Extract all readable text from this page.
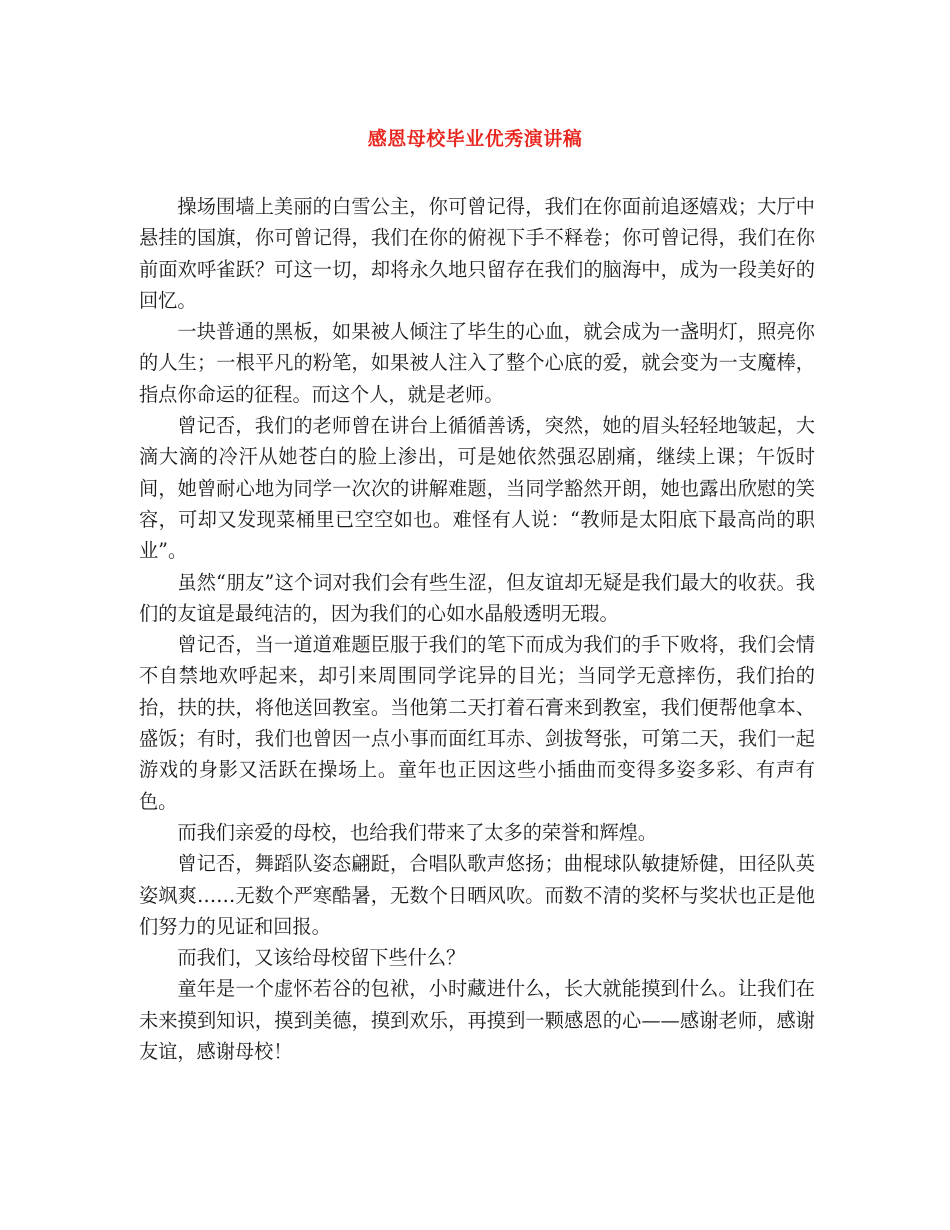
感恩母校毕业优秀演讲稿

操场围墙上美丽的白雪公主，你可曾记得，我们在你面前追逐嬉戏；大厅中悬挂的国旗，你可曾记得，我们在你的俯视下手不释卷；你可曾记得，我们在你前面欢呼雀跃？可这一切，却将永久地只留存在我们的脑海中，成为一段美好的回忆。

一块普通的黑板，如果被人倾注了毕生的心血，就会成为一盏明灯，照亮你的人生；一根平凡的粉笔，如果被人注入了整个心底的爱，就会变为一支魔棒，指点你命运的征程。而这个人，就是老师。

曾记否，我们的老师曾在讲台上循循善诱，突然，她的眉头轻轻地皱起，大滴大滴的冷汗从她苍白的脸上渗出，可是她依然强忍剧痛，继续上课；午饭时间，她曾耐心地为同学一次次的讲解难题，当同学豁然开朗，她也露出欣慰的笑容，可却又发现菜桶里已空空如也。难怪有人说：“教师是太阳底下最高尚的职业”。

虽然“朋友”这个词对我们会有些生涩，但友谊却无疑是我们最大的收获。我们的友谊是最纯洁的，因为我们的心如水晶般透明无瑕。

曾记否，当一道道难题臣服于我们的笔下而成为我们的手下败将，我们会情不自禁地欢呼起来，却引来周围同学诧异的目光；当同学无意摔伤，我们抬的抬，扶的扶，将他送回教室。当他第二天打着石膏来到教室，我们便帮他拿本、盛饭；有时，我们也曾因一点小事而面红耳赤、剑拔弩张，可第二天，我们一起游戏的身影又活跃在操场上。童年也正因这些小插曲而变得多姿多彩、有声有色。

而我们亲爱的母校，也给我们带来了太多的荣誉和辉煌。

曾记否，舞蹈队姿态翩跹，合唱队歌声悠扬；曲棍球队敏捷矫健，田径队英姿飒爽……无数个严寒酷暑，无数个日晒风吹。而数不清的奖杯与奖状也正是他们努力的见证和回报。

而我们，又该给母校留下些什么？

童年是一个虚怀若谷的包袱，小时藏进什么，长大就能摸到什么。让我们在未来摸到知识，摸到美德，摸到欢乐，再摸到一颗感恩的心——感谢老师，感谢友谊，感谢母校！
